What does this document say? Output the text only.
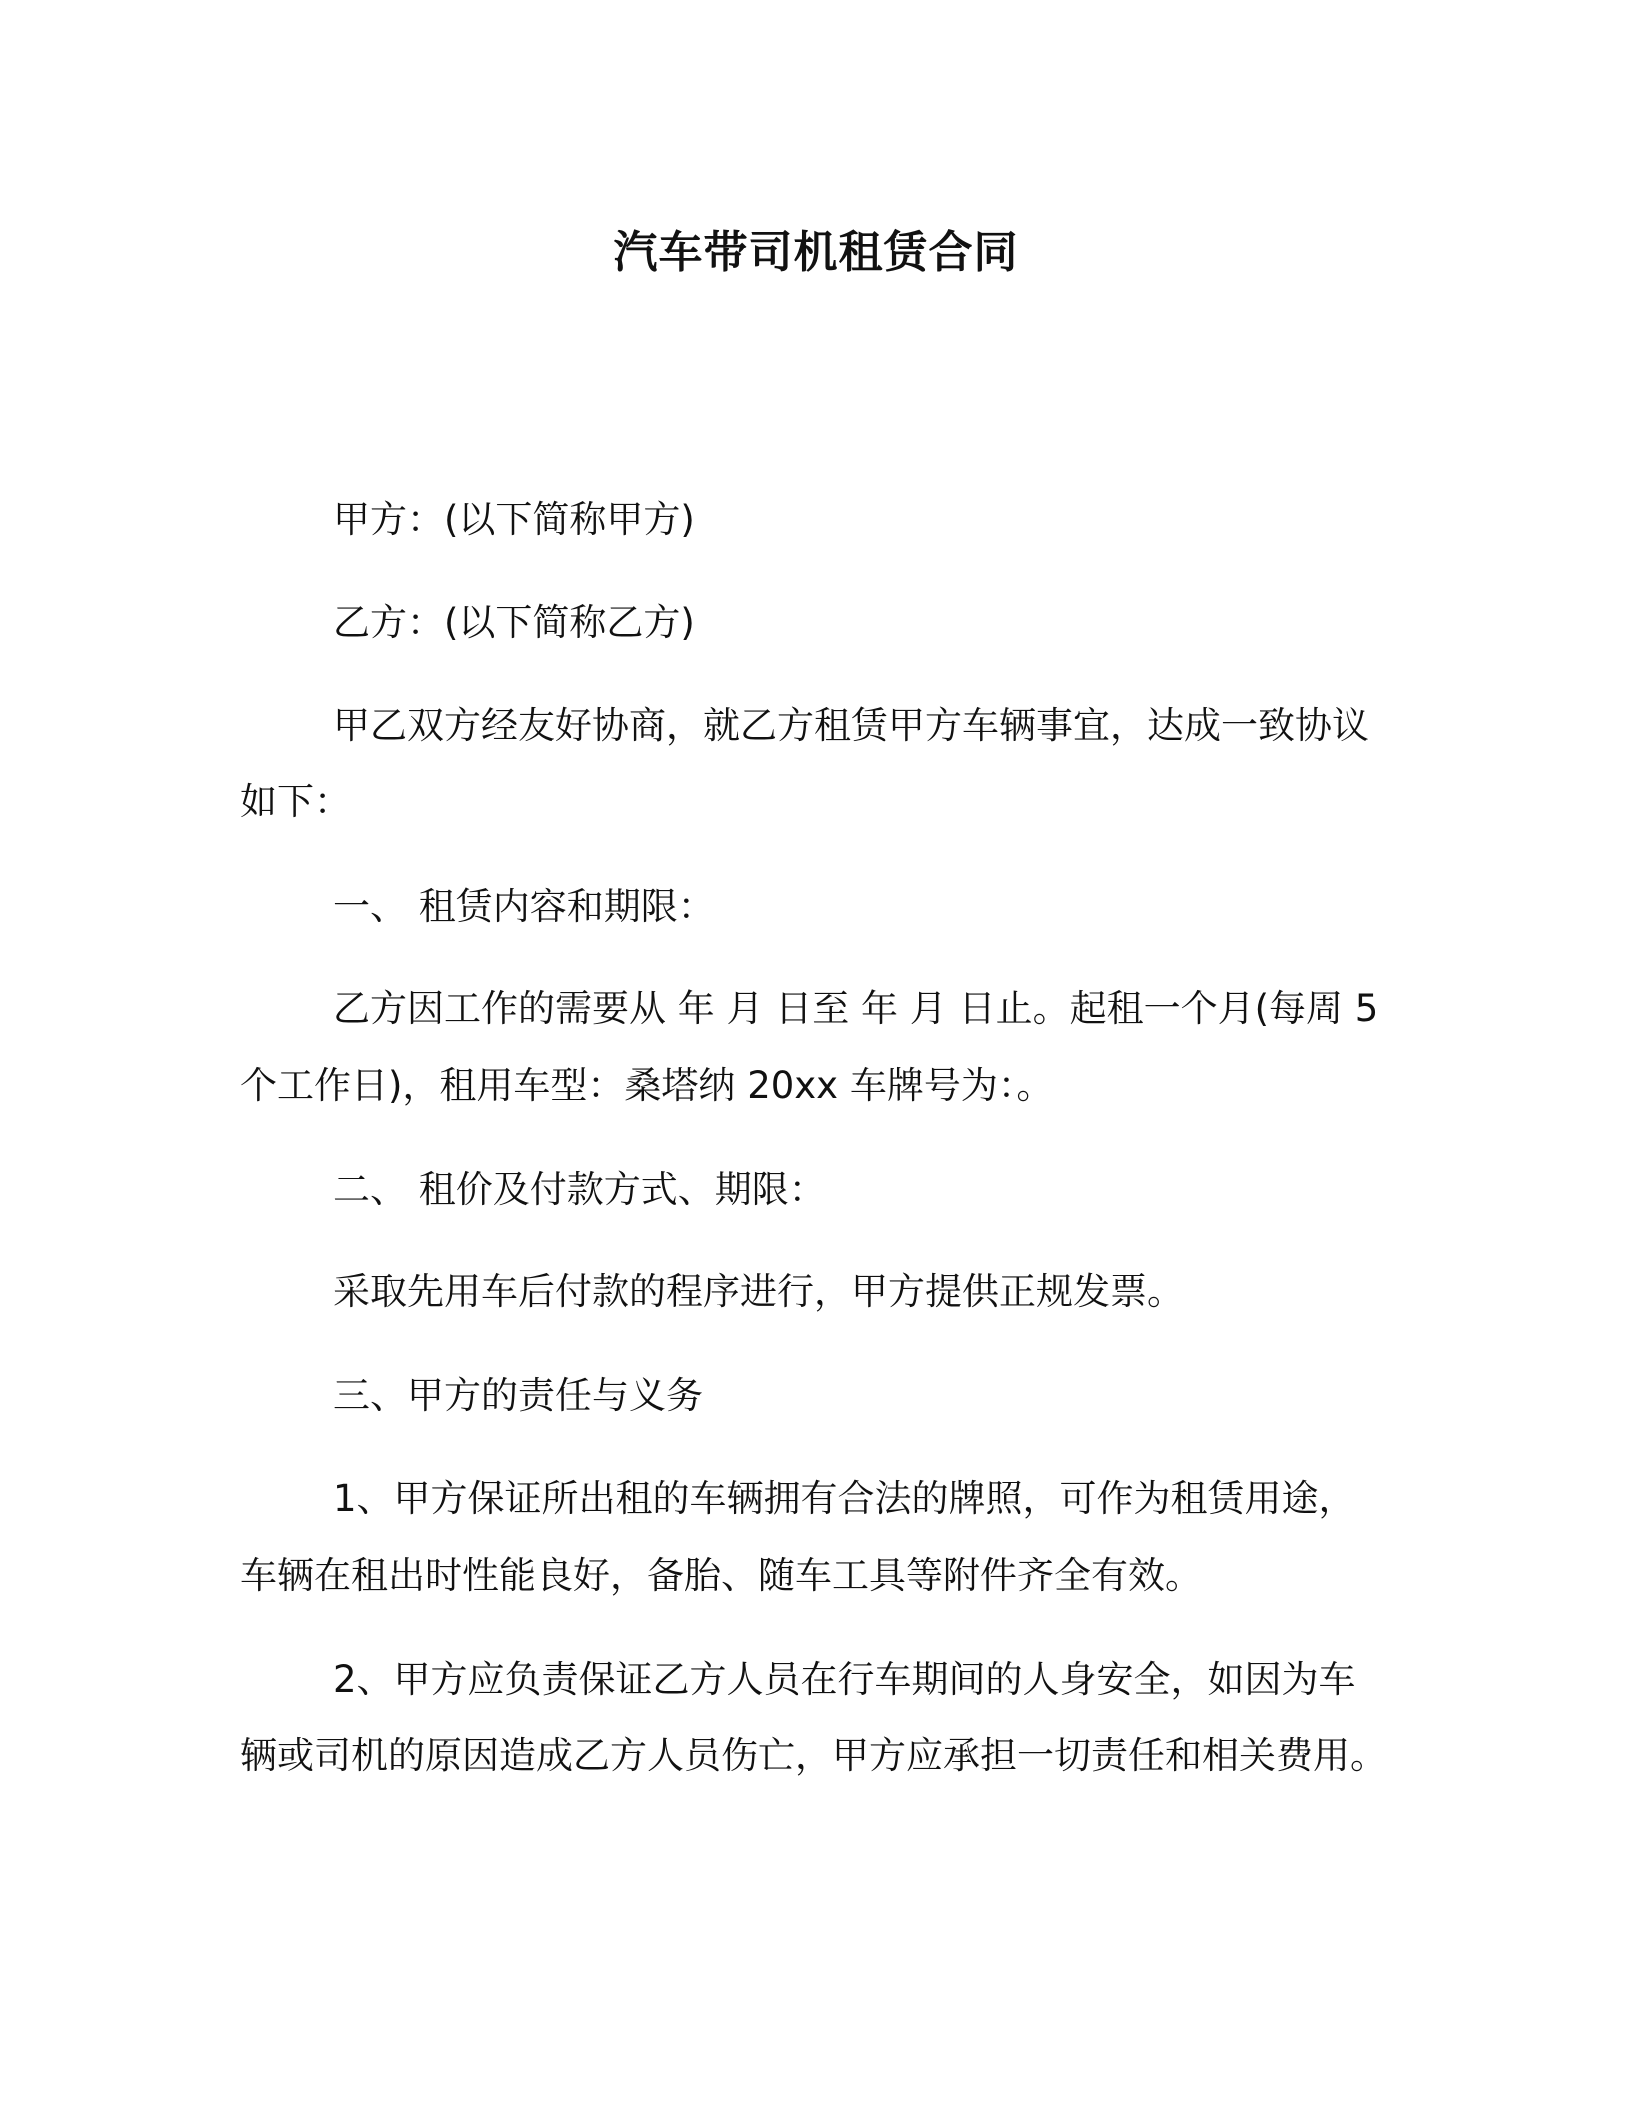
汽车带司机租赁合同

甲方：(以下简称甲方)

乙方：(以下简称乙方)

甲乙双方经友好协商，就乙方租赁甲方车辆事宜，达成一致协议

如下：

一、 租赁内容和期限：

乙方因工作的需要从 年 月 日至 年 月 日止。起租一个月(每周 5

个工作日)，租用车型：桑塔纳 20xx 车牌号为：。

二、 租价及付款方式、期限：

采取先用车后付款的程序进行，甲方提供正规发票。

三、甲方的责任与义务

1、甲方保证所出租的车辆拥有合法的牌照，可作为租赁用途，

车辆在租出时性能良好，备胎、随车工具等附件齐全有效。

2、甲方应负责保证乙方人员在行车期间的人身安全，如因为车

辆或司机的原因造成乙方人员伤亡，甲方应承担一切责任和相关费用。
